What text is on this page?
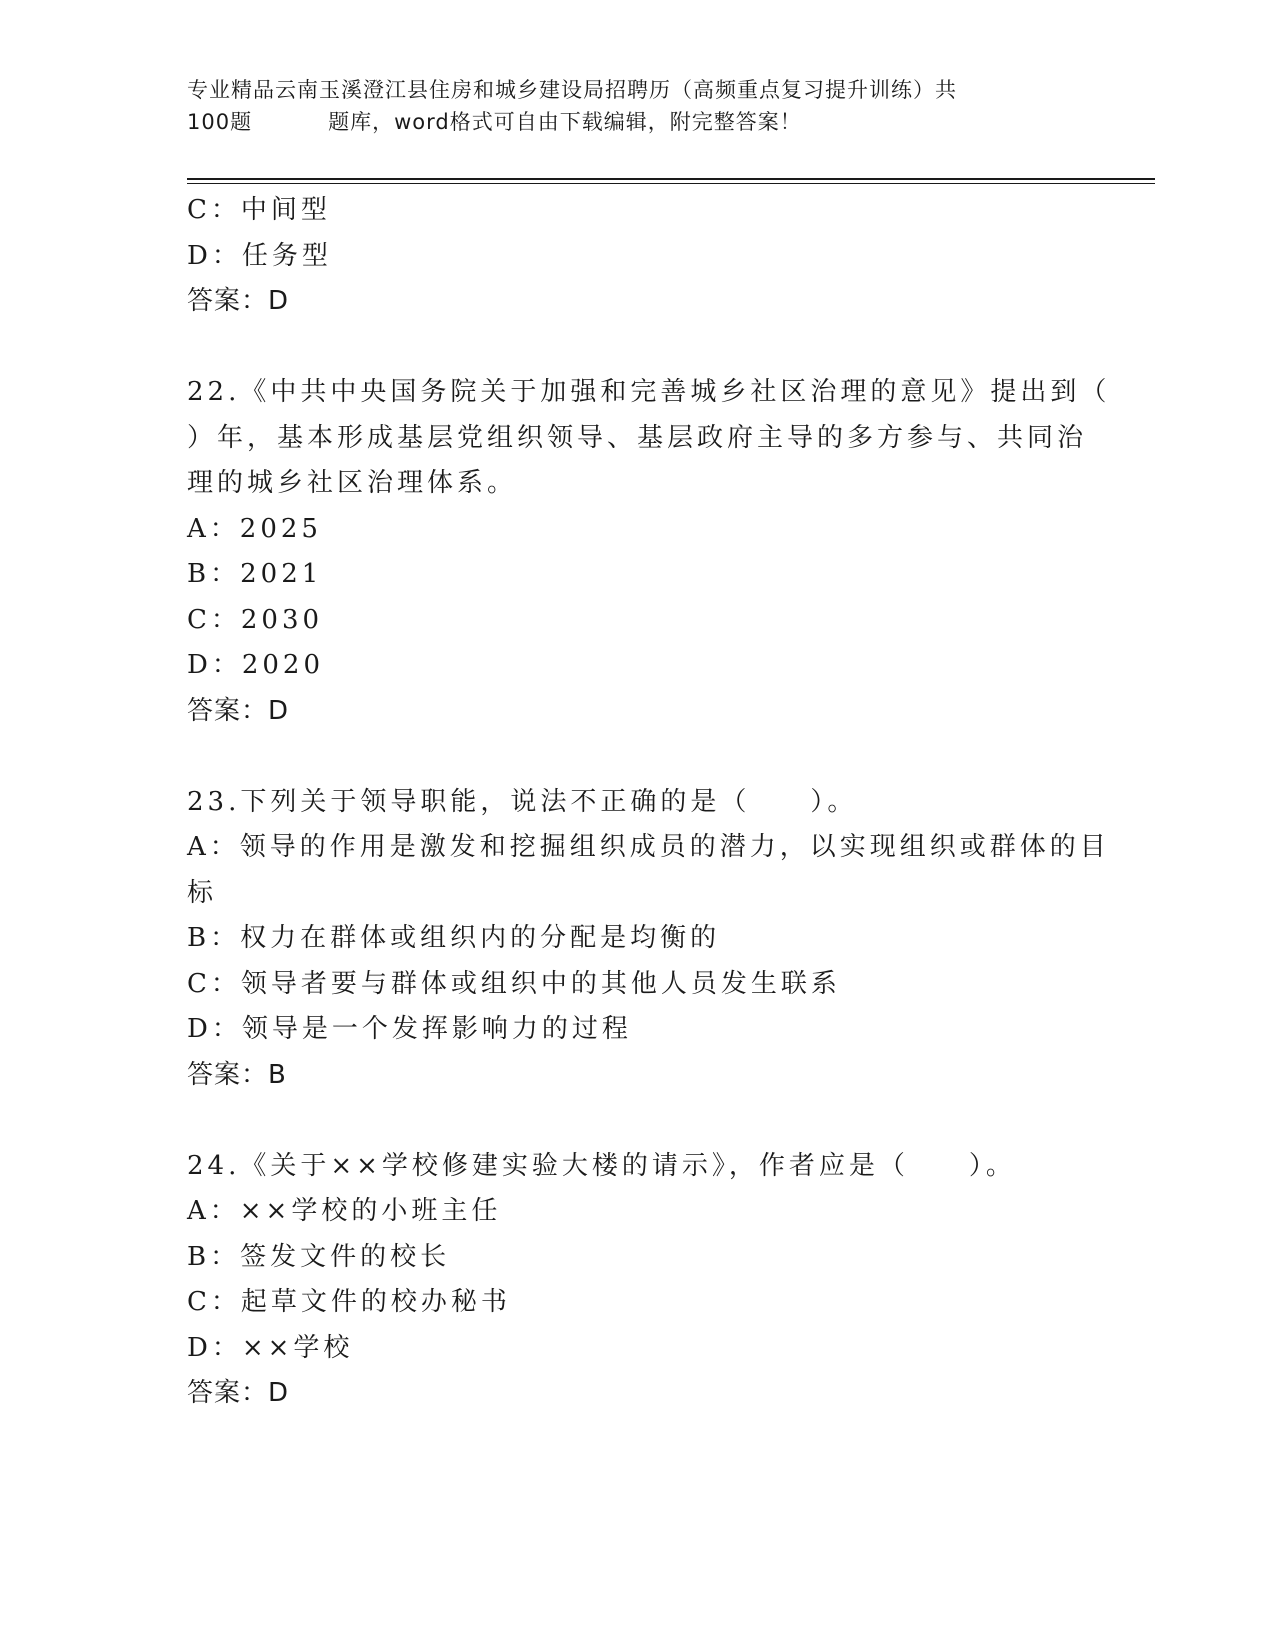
专业精品云南玉溪澄江县住房和城乡建设局招聘历（高频重点复习提升训练）共
100题	题库，word格式可自由下载编辑，附完整答案！
C：中间型
D：任务型
答案：D
22.《中共中央国务院关于加强和完善城乡社区治理的意见》提出到（
）年，基本形成基层党组织领导、基层政府主导的多方参与、共同治
理的城乡社区治理体系。
A：2025
B：2021
C：2030
D：2020
答案：D
23.下列关于领导职能，说法不正确的是（　　）。
A：领导的作用是激发和挖掘组织成员的潜力，以实现组织或群体的目
标
B：权力在群体或组织内的分配是均衡的
C：领导者要与群体或组织中的其他人员发生联系
D：领导是一个发挥影响力的过程
答案：B
24.《关于××学校修建实验大楼的请示》，作者应是（　　）。
A：××学校的小班主任
B：签发文件的校长
C：起草文件的校办秘书
D：××学校
答案：D
